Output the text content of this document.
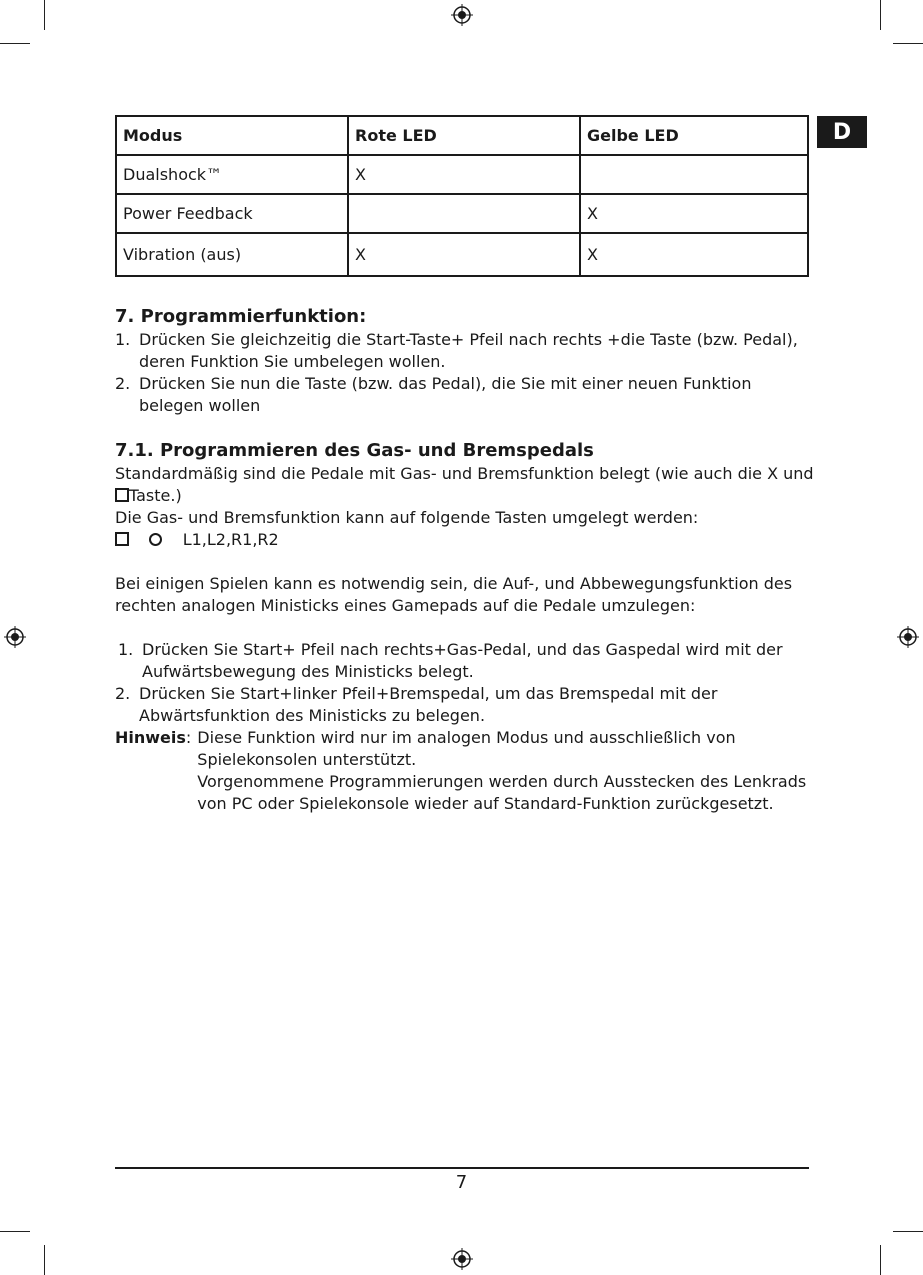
D
Modus	Rote LED	Gelbe LED
Dualshock™	X	
Power Feedback		X
Vibration (aus)	X	X
7. Programmierfunktion:
1. Drücken Sie gleichzeitig die Start-Taste+ Pfeil nach rechts +die Taste (bzw. Pedal), deren Funktion Sie umbelegen wollen.
2. Drücken Sie nun die Taste (bzw. das Pedal), die Sie mit einer neuen Funktion belegen wollen
7.1. Programmieren des Gas- und Bremspedals

Standardmäßig sind die Pedale mit Gas- und Bremsfunktion belegt (wie auch die X und Taste.)

Die Gas- und Bremsfunktion kann auf folgende Tasten umgelegt werden:

L1,L2,R1,R2

Bei einigen Spielen kann es notwendig sein, die Auf-, und Abbewegungsfunktion des rechten analogen Ministicks eines Gamepads auf die Pedale umzulegen:

1. Drücken Sie Start+ Pfeil nach rechts+Gas-Pedal, und das Gaspedal wird mit der Aufwärtsbewegung des Ministicks belegt.
2. Drücken Sie Start+linker Pfeil+Bremspedal, um das Bremspedal mit der Abwärtsfunktion des Ministicks zu belegen.
Hinweis: Diese Funktion wird nur im analogen Modus und ausschließlich von Spielekonsolen unterstützt.

Vorgenommene Programmierungen werden durch Ausstecken des Lenkrads von PC oder Spielekonsole wieder auf Standard-Funktion zurückgesetzt.

7
